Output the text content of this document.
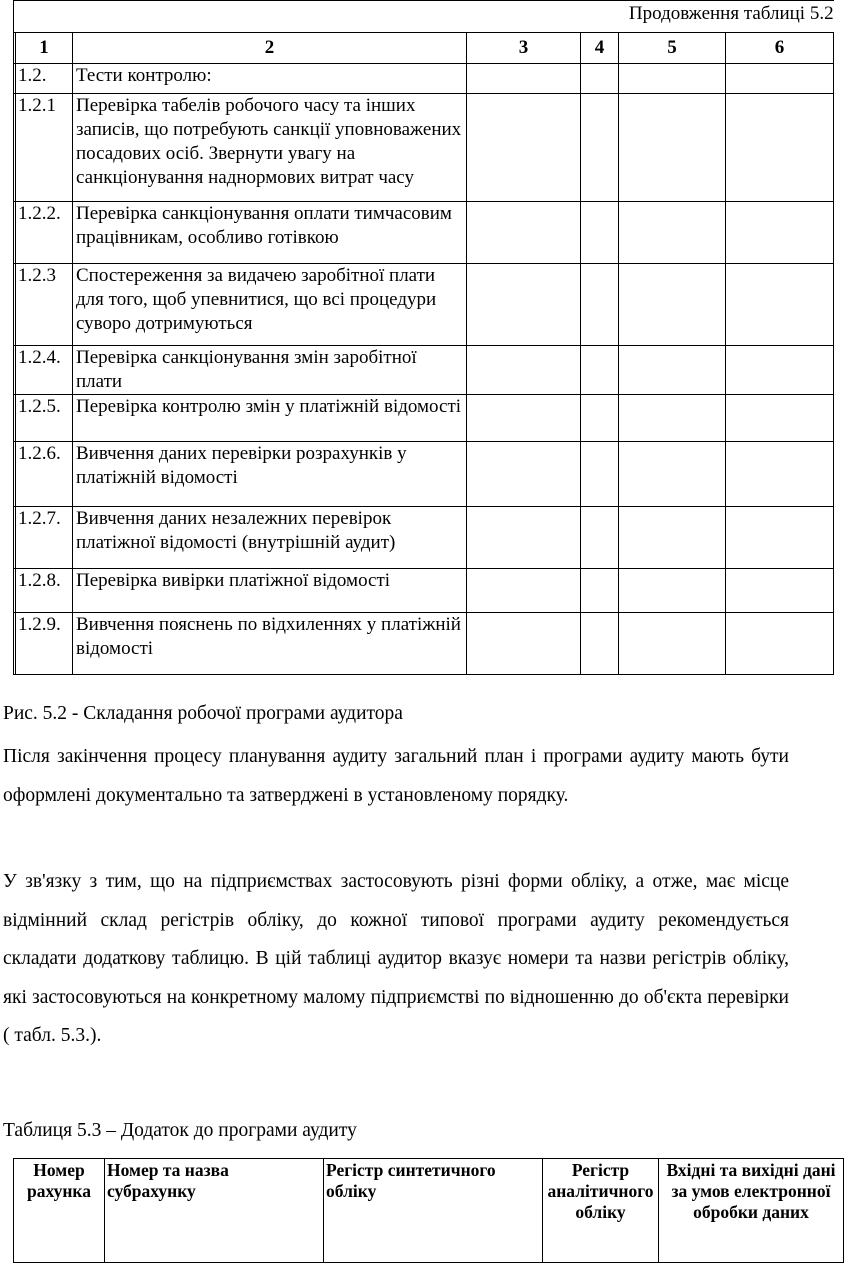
Продовження таблиці 5.2						
	1	2	3	4	5	6
	1.2.	Тести контролю:				
	1.2.1	Перевірка табелів робочого часу та інших записів, що потребують санкції уповноважених посадових осіб. Звернути увагу на санкціонування наднормових витрат часу				
	1.2.2.	Перевірка санкціонування оплати тимчасовим працівникам, особливо готівкою				
	1.2.3	Спостереження за видачею заробітної плати для того, щоб упевнитися, що всі процедури суворо дотримуються				
	1.2.4.	Перевірка санкціонування змін заробітної плати				
	1.2.5.	Перевірка контролю змін у платіжній відомості				
	1.2.6.	Вивчення даних перевірки розрахунків у платіжній відомості				
	1.2.7.	Вивчення даних незалежних перевірок платіжної відомості (внутрішній аудит)				
	1.2.8.	Перевірка вивірки платіжної відомості				
	1.2.9.	Вивчення пояснень по відхиленнях у платіжній відомості				
Рис. 5.2 - Складання робочої програми аудитора
Після закінчення процесу планування аудиту загальний план і програми аудиту мають бути оформлені документально та затверджені в установленому порядку.
У зв'язку з тим, що на підприємствах застосовують різні форми обліку, а отже, має місце відмінний склад регістрів обліку, до кожної типової програми аудиту рекомендується складати додаткову таблицю. В цій таблиці аудитор вказує номери та назви регістрів обліку, які застосовуються на конкретному малому підприємстві по відношенню до об'єкта перевірки ( табл. 5.3.).
Таблиця 5.3 – Додаток до програми аудиту
Номер рахунка	Номер та назва субрахунку	Регістр синтетичного обліку	Регістр аналітичного обліку	Вхідні та вихідні дані за умов електронної обробки даних
